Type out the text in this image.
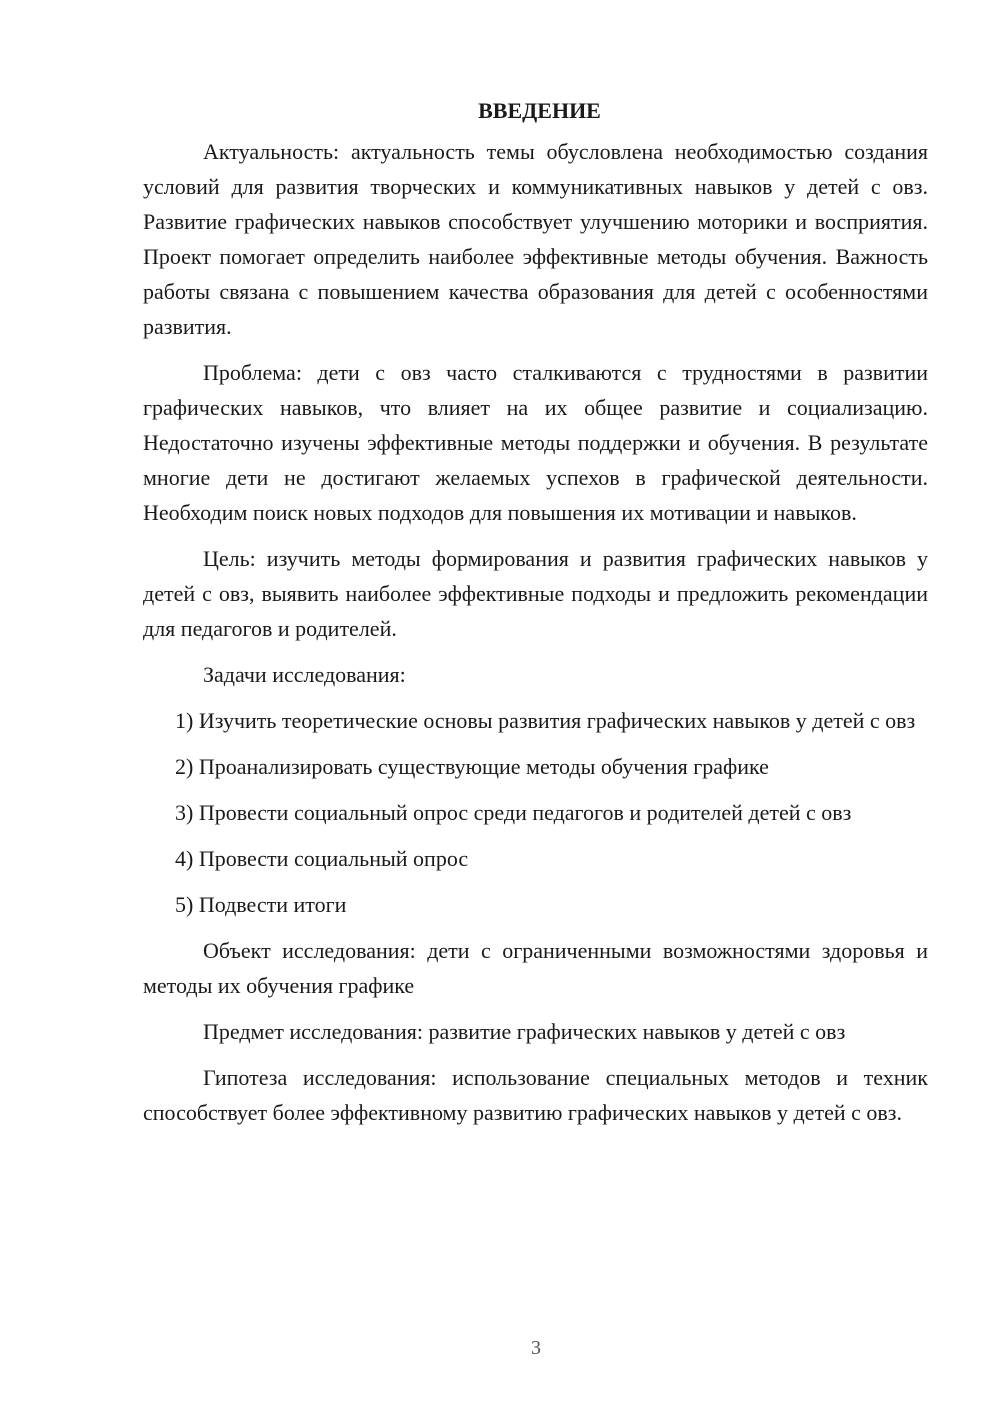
ВВЕДЕНИЕ

Актуальность: актуальность темы обусловлена необходимостью создания условий для развития творческих и коммуникативных навыков у детей с овз. Развитие графических навыков способствует улучшению моторики и восприятия. Проект помогает определить наиболее эффективные методы обучения. Важность работы связана с повышением качества образования для детей с особенностями развития.

Проблема: дети с овз часто сталкиваются с трудностями в развитии графических навыков, что влияет на их общее развитие и социализацию. Недостаточно изучены эффективные методы поддержки и обучения. В результате многие дети не достигают желаемых успехов в графической деятельности. Необходим поиск новых подходов для повышения их мотивации и навыков.

Цель: изучить методы формирования и развития графических навыков у детей с овз, выявить наиболее эффективные подходы и предложить рекомендации для педагогов и родителей.

Задачи исследования:

1) Изучить теоретические основы развития графических навыков у детей с овз

2) Проанализировать существующие методы обучения графике

3) Провести социальный опрос среди педагогов и родителей детей с овз

4) Провести социальный опрос

5) Подвести итоги

Объект исследования: дети с ограниченными возможностями здоровья и методы их обучения графике

Предмет исследования: развитие графических навыков у детей с овз

Гипотеза исследования: использование специальных методов и техник способствует более эффективному развитию графических навыков у детей с овз.

3
